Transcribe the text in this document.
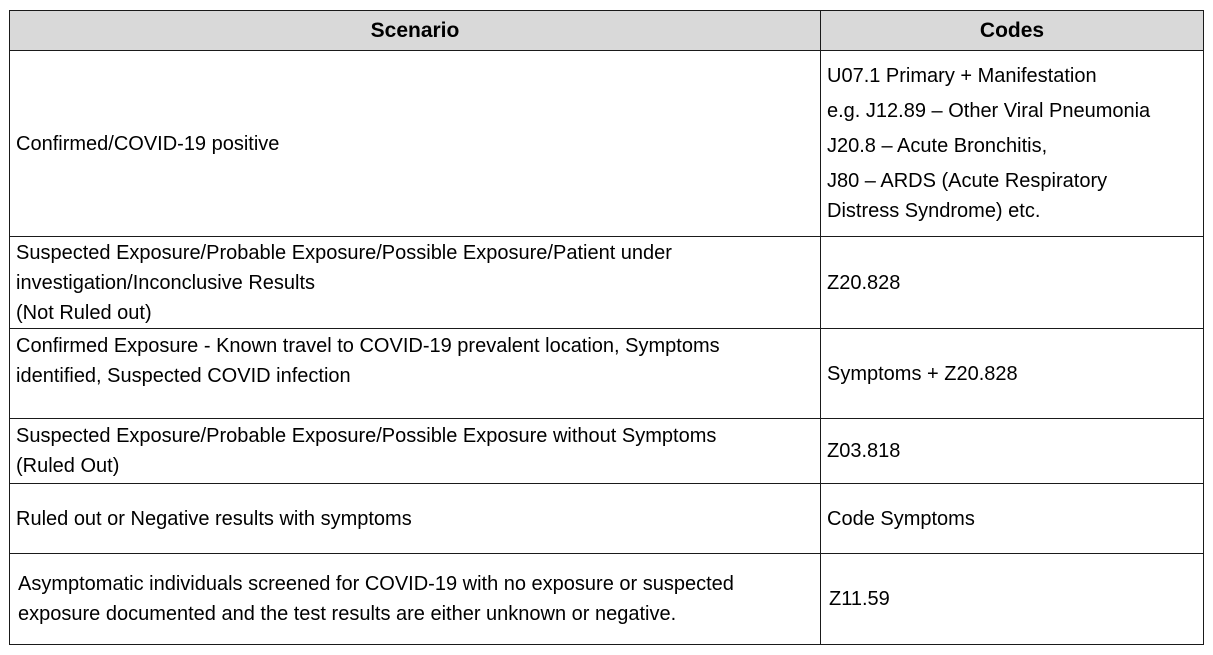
Scenario	Codes

Confirmed/COVID-19 positive	U07.1 Primary + Manifestation
e.g. J12.89 – Other Viral Pneumonia
J20.8 – Acute Bronchitis,
J80 – ARDS (Acute Respiratory
Distress Syndrome) etc.

Suspected Exposure/Probable Exposure/Possible Exposure/Patient under
investigation/Inconclusive Results
(Not Ruled out)	Z20.828

Confirmed Exposure - Known travel to COVID-19 prevalent location, Symptoms
identified, Suspected COVID infection	Symptoms + Z20.828

Suspected Exposure/Probable Exposure/Possible Exposure without Symptoms
(Ruled Out)	Z03.818

Ruled out or Negative results with symptoms	Code Symptoms

Asymptomatic individuals screened for COVID-19 with no exposure or suspected
exposure documented and the test results are either unknown or negative.	Z11.59
